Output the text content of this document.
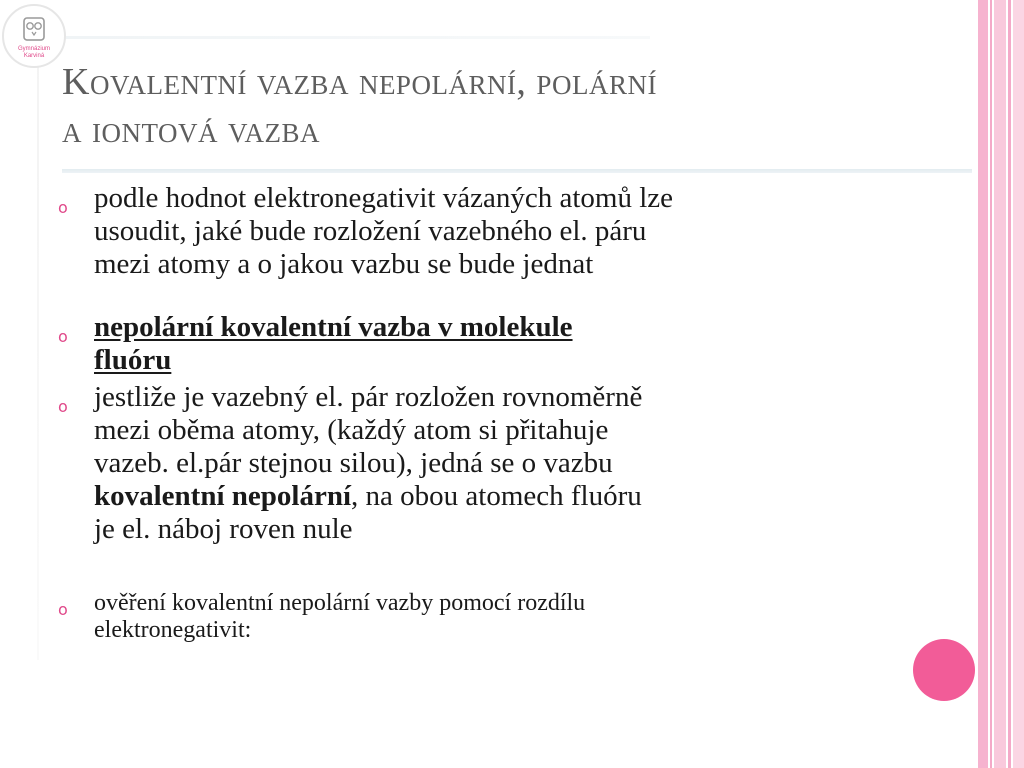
Gymnázium
Karviná
Kovalentní vazba nepolární, polární
a iontová vazba
o podle hodnot elektronegativit vázaných atomů lze
usoudit, jaké bude rozložení vazebného el. páru
mezi atomy a o jakou vazbu se bude jednat
o nepolární kovalentní vazba v molekule
fluóru
o jestliže je vazebný el. pár rozložen rovnoměrně
mezi oběma atomy, (každý atom si přitahuje
vazeb. el.pár stejnou silou), jedná se o vazbu
kovalentní nepolární, na obou atomech fluóru
je el. náboj roven nule
o ověření kovalentní nepolární vazby pomocí rozdílu
elektronegativit:
